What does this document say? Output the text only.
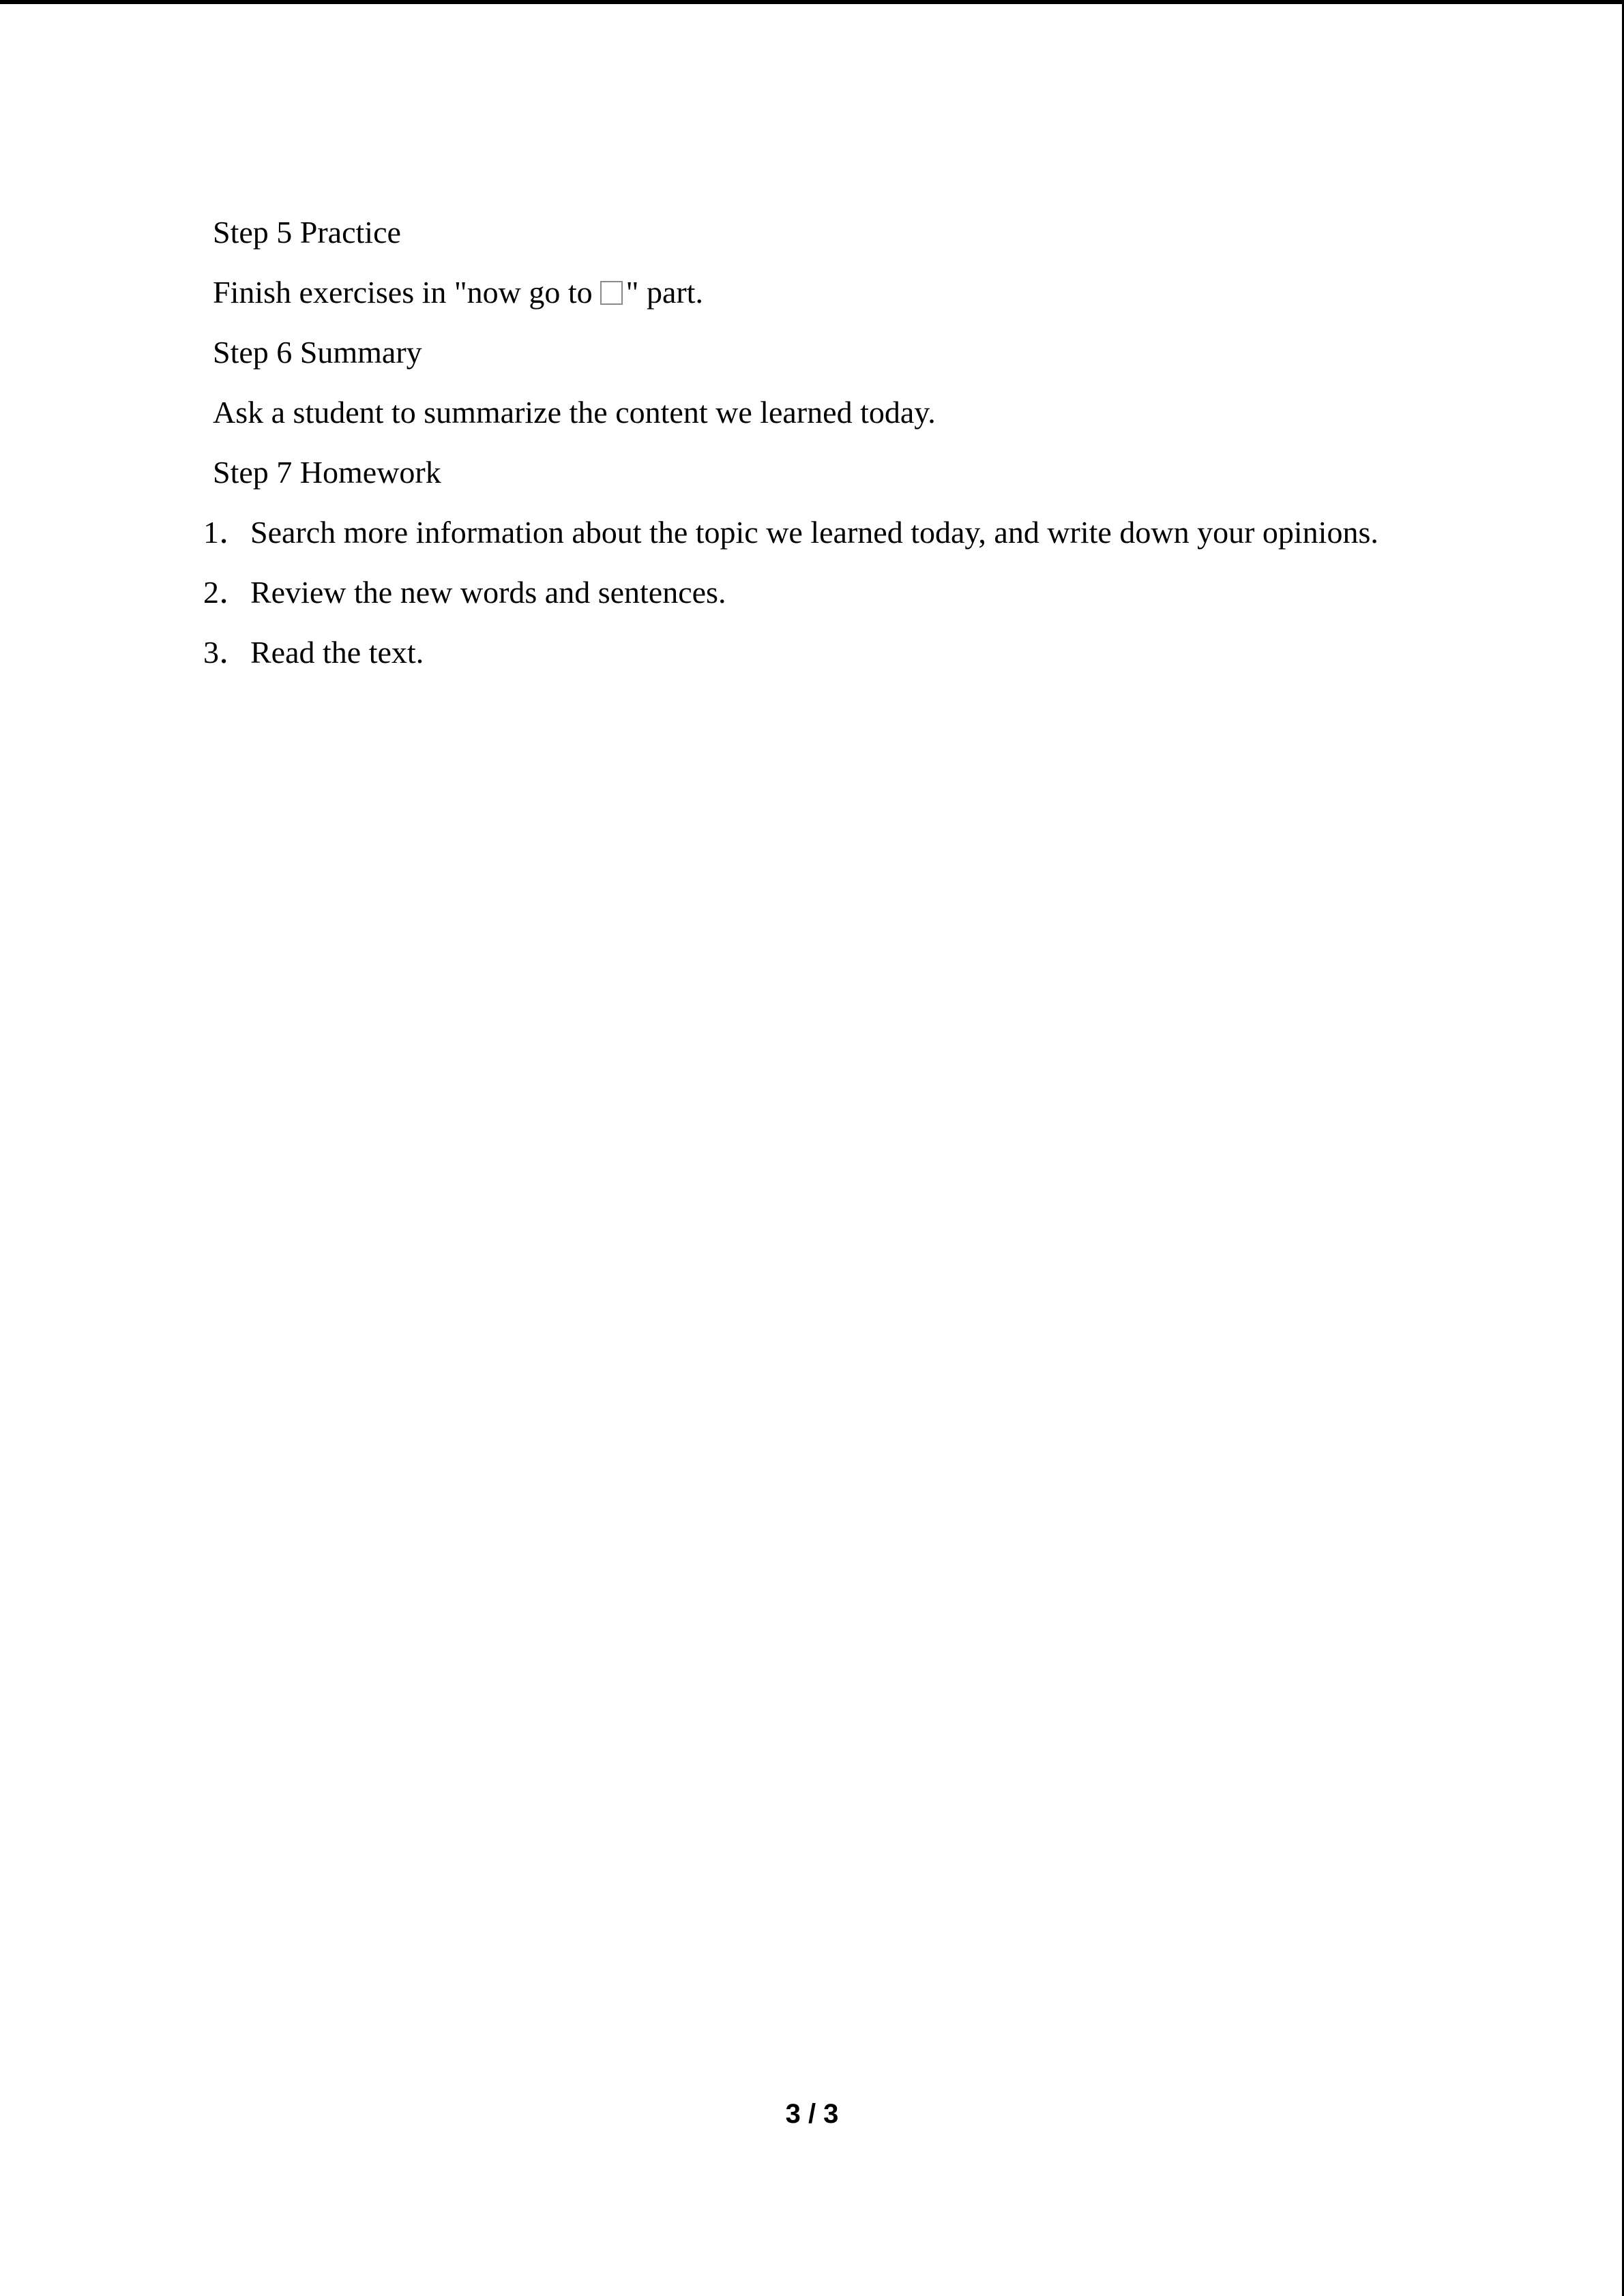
Step 5 Practice

Finish exercises in "now go to " part.

Step 6 Summary

Ask a student to summarize the content we learned today.

Step 7 Homework

1．Search more information about the topic we learned today, and write down your opinions.

2．Review the new words and sentences.

3．Read the text.

3 / 3
